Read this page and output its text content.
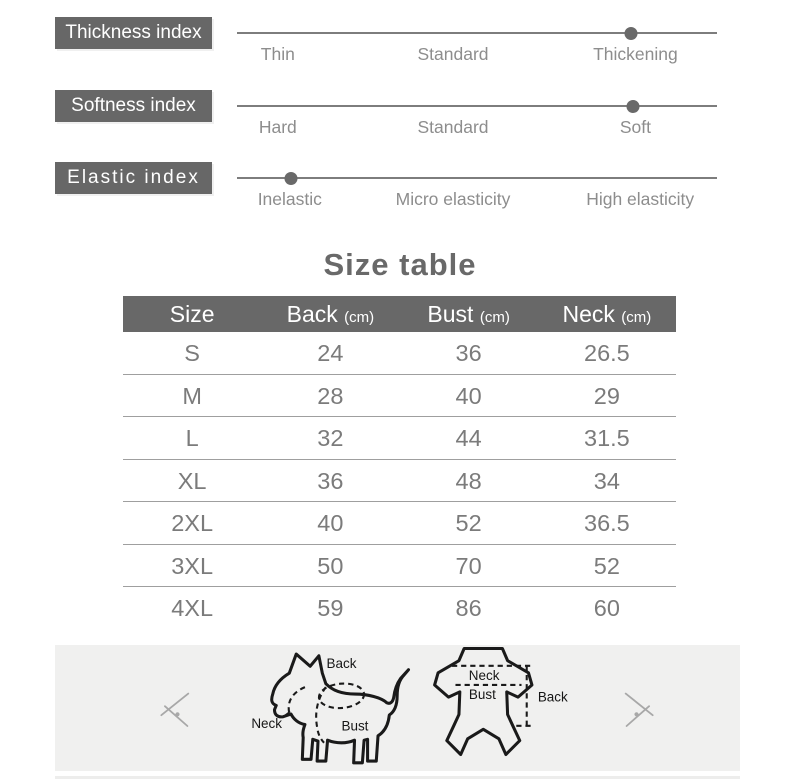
Thickness index
Thin	Standard	Thickening
Softness index
Hard	Standard	Soft
Elastic index
Inelastic	Micro elasticity	High elasticity
Size table
Size	Back (cm)	Bust (cm)	Neck (cm)
S	24	36	26.5
M	28	40	29
L	32	44	31.5
XL	36	48	34
2XL	40	52	36.5
3XL	50	70	52
4XL	59	86	60
Back
Bust
Neck
Neck
Bust	Back
